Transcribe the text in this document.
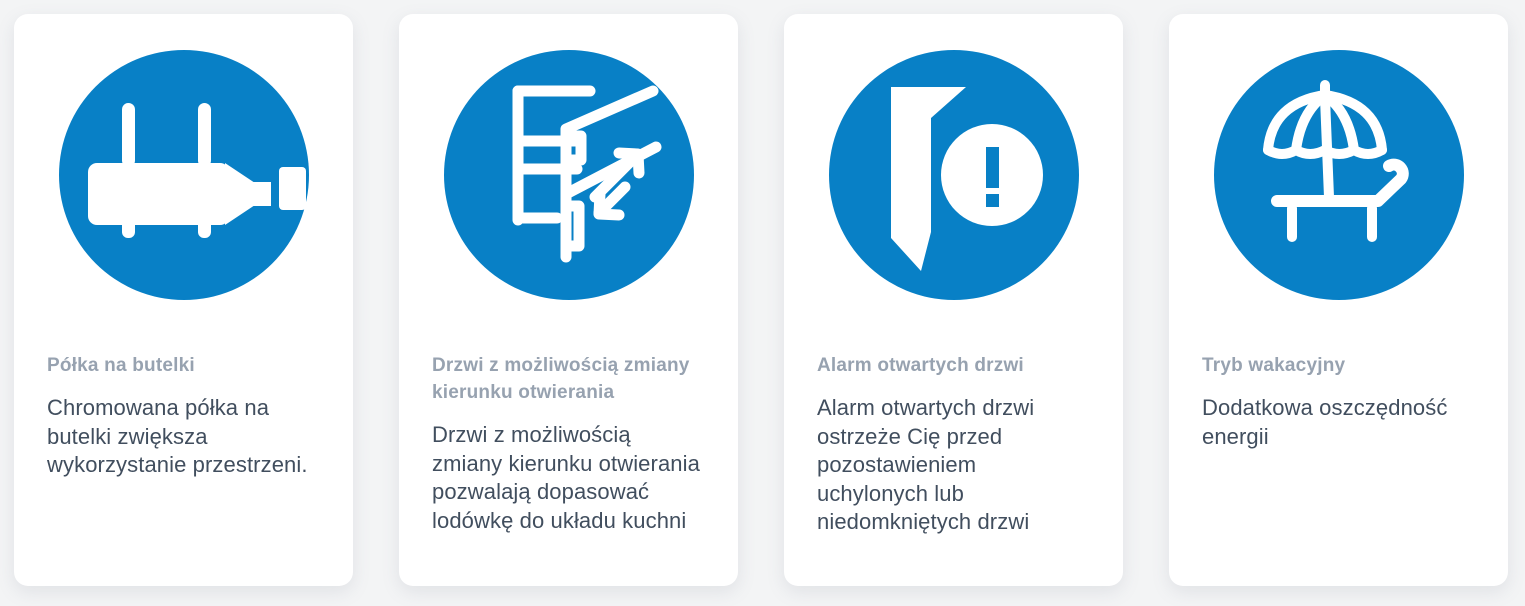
Półka na butelki

Chromowana półka na butelki zwiększa wykorzystanie przestrzeni.

Drzwi z możliwością zmiany kierunku otwierania

Drzwi z możliwością zmiany kierunku otwierania pozwalają dopasować lodówkę do układu kuchni

Alarm otwartych drzwi

Alarm otwartych drzwi ostrzeże Cię przed pozostawieniem uchylonych lub niedomkniętych drzwi

Tryb wakacyjny

Dodatkowa oszczędność energii
